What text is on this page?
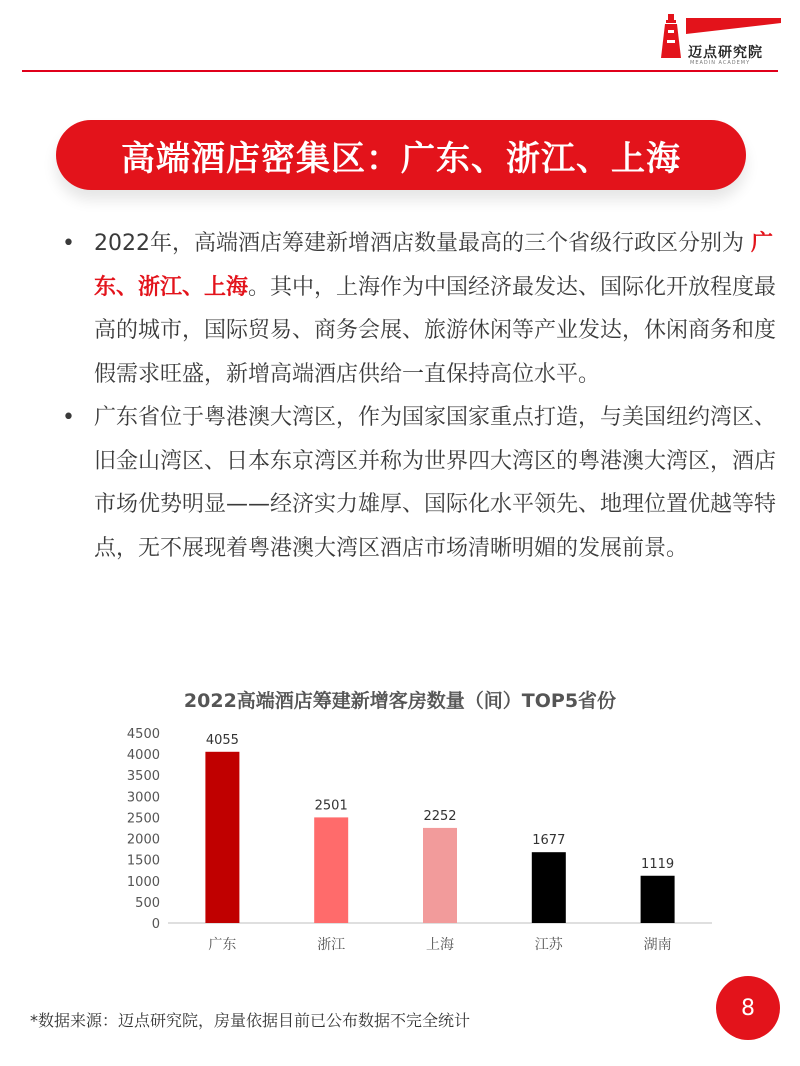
迈点研究院
MEADIN ACADEMY
高端酒店密集区：广东、浙江、上海
• 2022年，高端酒店筹建新增酒店数量最高的三个省级行政区分别为 广东、浙江、上海。其中，上海作为中国经济最发达、国际化开放程度最高的城市，国际贸易、商务会展、旅游休闲等产业发达，休闲商务和度假需求旺盛，新增高端酒店供给一直保持高位水平。
• 广东省位于粤港澳大湾区，作为国家国家重点打造，与美国纽约湾区、旧金山湾区、日本东京湾区并称为世界四大湾区的粤港澳大湾区，酒店市场优势明显——经济实力雄厚、国际化水平领先、地理位置优越等特点，无不展现着粤港澳大湾区酒店市场清晰明媚的发展前景。
2022高端酒店筹建新增客房数量（间）TOP5省份
0
500
1000
1500
2000
2500
3000
3500
4000
4500	4055
广东
2501
浙江
2252
上海
1677
江苏
1119
湖南
*数据来源：迈点研究院，房量依据目前已公布数据不完全统计	8
